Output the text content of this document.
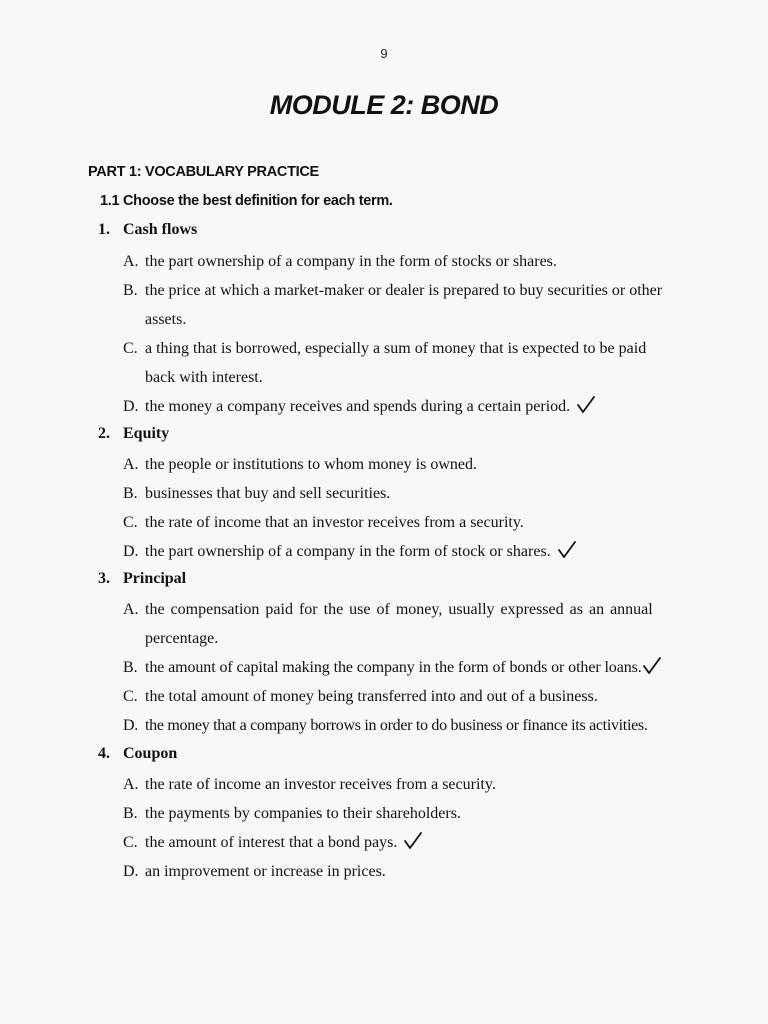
9
MODULE 2: BOND
PART 1: VOCABULARY PRACTICE
1.1 Choose the best definition for each term.
1. Cash flows
A. the part ownership of a company in the form of stocks or shares.
B. the price at which a market-maker or dealer is prepared to buy securities or other
assets.
C. a thing that is borrowed, especially a sum of money that is expected to be paid
back with interest.
D. the money a company receives and spends during a certain period.
2. Equity
A. the people or institutions to whom money is owned.
B. businesses that buy and sell securities.
C. the rate of income that an investor receives from a security.
D. the part ownership of a company in the form of stock or shares.
3. Principal
A. the compensation paid for the use of money, usually expressed as an annual
percentage.
B. the amount of capital making the company in the form of bonds or other loans.
C. the total amount of money being transferred into and out of a business.
D. the money that a company borrows in order to do business or finance its activities.
4. Coupon
A. the rate of income an investor receives from a security.
B. the payments by companies to their shareholders.
C. the amount of interest that a bond pays.
D. an improvement or increase in prices.
